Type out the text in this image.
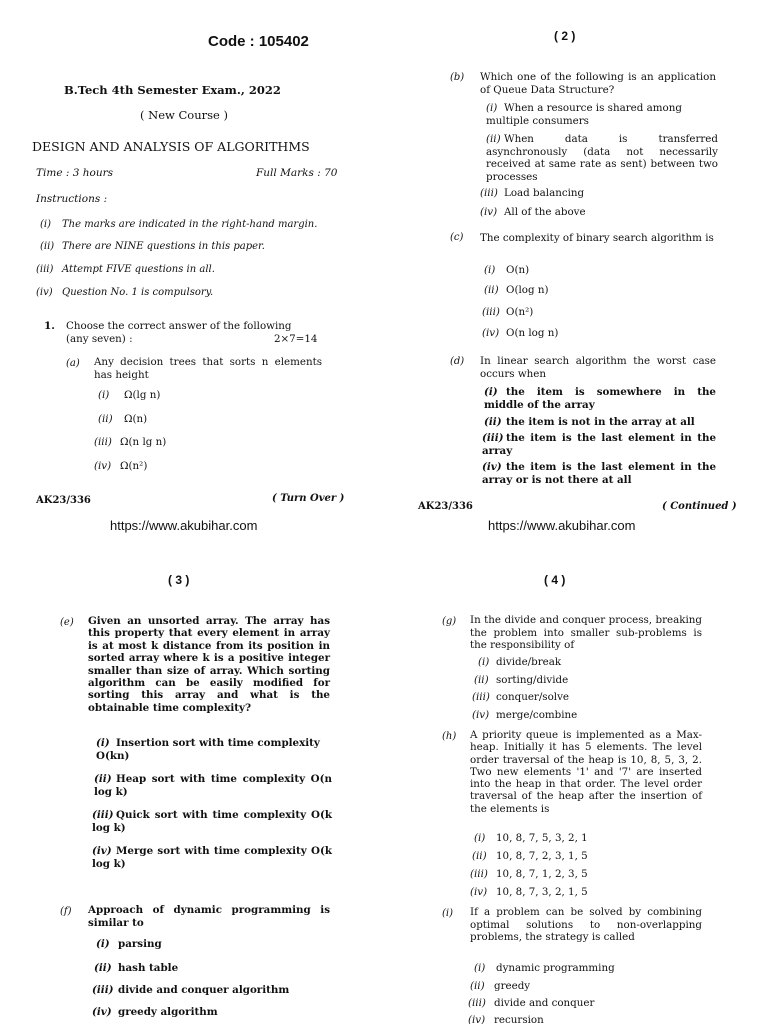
Code : 105402
B.Tech 4th Semester Exam., 2022
( New Course )
DESIGN AND ANALYSIS OF ALGORITHMS
Time : 3 hours	Full Marks : 70
Instructions :
(i) The marks are indicated in the right-hand margin.
(ii) There are NINE questions in this paper.
(iii) Attempt FIVE questions in all.
(iv) Question No. 1 is compulsory.
1. Choose the correct answer of the following
(any seven) :	2×7=14
(a) Any decision trees that sorts n elements has height
(i) Ω(lg n)
(ii) Ω(n)
(iii) Ω(n lg n)
(iv) Ω(n²)
AK23/336	( Turn Over )
https://www.akubihar.com
( 2 )
(b) Which one of the following is an application of Queue Data Structure?
(i) When a resource is shared among multiple consumers
(ii) When data is transferred asynchronously (data not necessarily received at same rate as sent) between two processes
(iii) Load balancing
(iv) All of the above
(c) The complexity of binary search algorithm is
(i) O(n)
(ii) O(log n)
(iii) O(n²)
(iv) O(n log n)
(d) In linear search algorithm the worst case occurs when
(i) the item is somewhere in the middle of the array
(ii) the item is not in the array at all
(iii) the item is the last element in the array
(iv) the item is the last element in the array or is not there at all
AK23/336	( Continued )
https://www.akubihar.com
( 3 )
(e) Given an unsorted array. The array has this property that every element in array is at most k distance from its position in sorted array where k is a positive integer smaller than size of array. Which sorting algorithm can be easily modified for sorting this array and what is the obtainable time complexity?
(i) Insertion sort with time complexity O(kn)
(ii) Heap sort with time complexity O(n log k)
(iii) Quick sort with time complexity O(k log k)
(iv) Merge sort with time complexity O(k log k)
(f) Approach of dynamic programming is similar to
(i) parsing
(ii) hash table
(iii) divide and conquer algorithm
(iv) greedy algorithm
( 4 )
(g) In the divide and conquer process, breaking the problem into smaller sub-problems is the responsibility of
(i) divide/break
(ii) sorting/divide
(iii) conquer/solve
(iv) merge/combine
(h) A priority queue is implemented as a Max-heap. Initially it has 5 elements. The level order traversal of the heap is 10, 8, 5, 3, 2. Two new elements '1' and '7' are inserted into the heap in that order. The level order traversal of the heap after the insertion of the elements is
(i) 10, 8, 7, 5, 3, 2, 1
(ii) 10, 8, 7, 2, 3, 1, 5
(iii) 10, 8, 7, 1, 2, 3, 5
(iv) 10, 8, 7, 3, 2, 1, 5
(i) If a problem can be solved by combining optimal solutions to non-overlapping problems, the strategy is called
(i) dynamic programming
(ii) greedy
(iii) divide and conquer
(iv) recursion
